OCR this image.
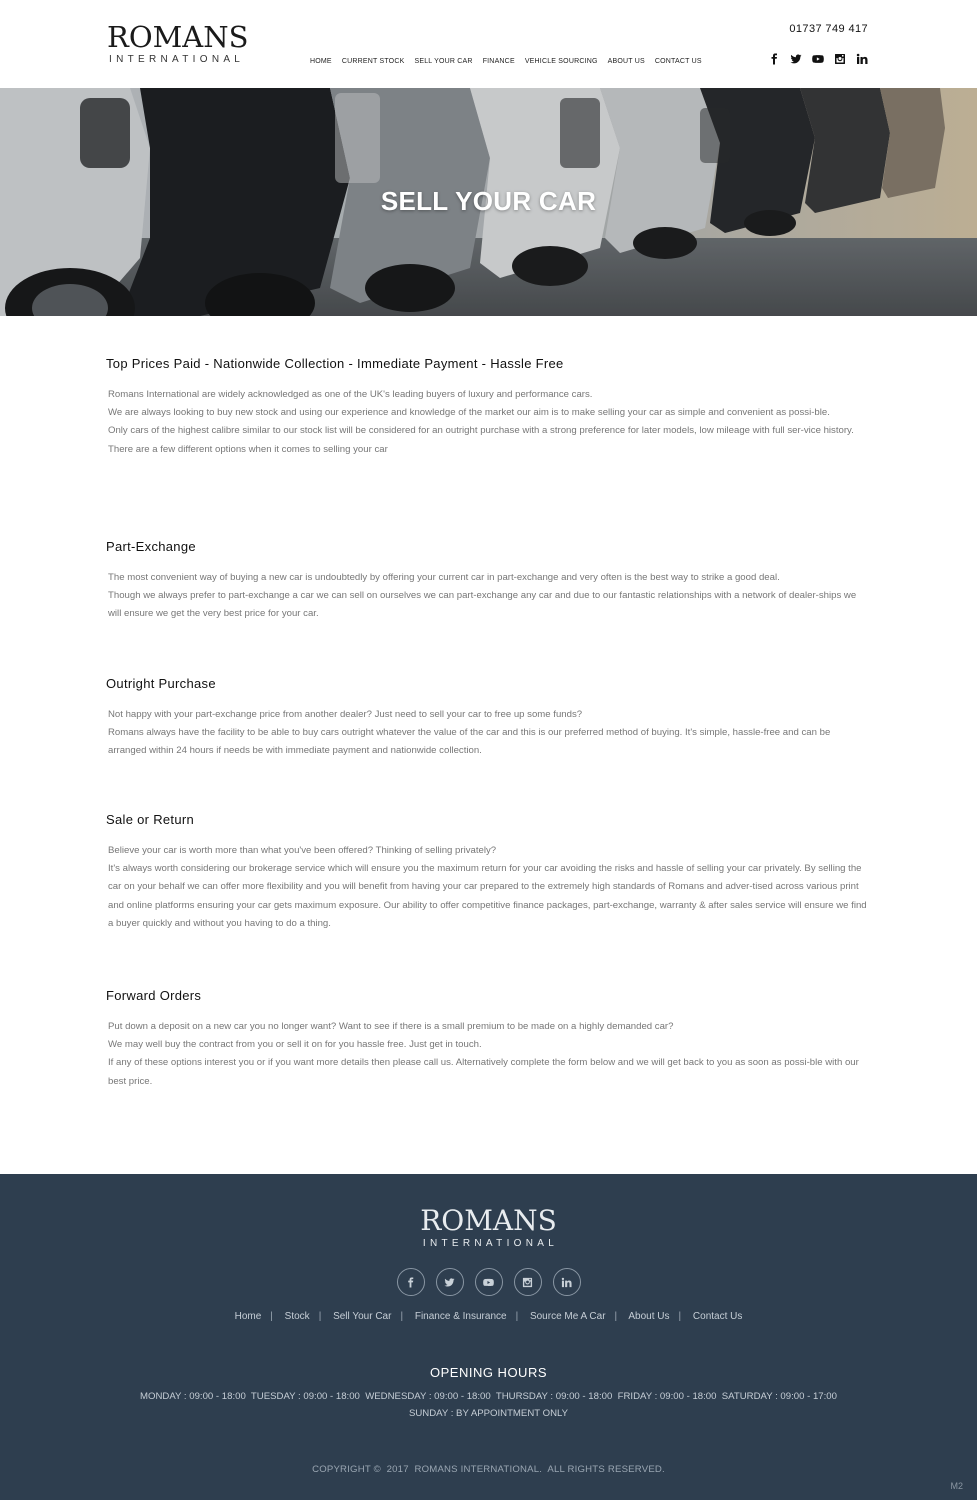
ROMANS
INTERNATIONAL	HOME CURRENT STOCK SELL YOUR CAR FINANCE VEHICLE SOURCING ABOUT US CONTACT US
01737 749 417
SELL YOUR CAR
Top Prices Paid - Nationwide Collection - Immediate Payment - Hassle Free

Romans International are widely acknowledged as one of the UK's leading buyers of luxury and performance cars.

We are always looking to buy new stock and using our experience and knowledge of the market our aim is to make selling your car as simple and convenient as possi-ble.

Only cars of the highest calibre similar to our stock list will be considered for an outright purchase with a strong preference for later models, low mileage with full ser-vice history.

There are a few different options when it comes to selling your car

Part-Exchange

The most convenient way of buying a new car is undoubtedly by offering your current car in part-exchange and very often is the best way to strike a good deal.

Though we always prefer to part-exchange a car we can sell on ourselves we can part-exchange any car and due to our fantastic relationships with a network of dealer-ships we will ensure we get the very best price for your car.

Outright Purchase

Not happy with your part-exchange price from another dealer? Just need to sell your car to free up some funds?

Romans always have the facility to be able to buy cars outright whatever the value of the car and this is our preferred method of buying. It's simple, hassle-free and can be arranged within 24 hours if needs be with immediate payment and nationwide collection.

Sale or Return

Believe your car is worth more than what you've been offered? Thinking of selling privately?

It's always worth considering our brokerage service which will ensure you the maximum return for your car avoiding the risks and hassle of selling your car privately. By selling the car on your behalf we can offer more flexibility and you will benefit from having your car prepared to the extremely high standards of Romans and adver-tised across various print and online platforms ensuring your car gets maximum exposure. Our ability to offer competitive finance packages, part-exchange, warranty & after sales service will ensure we find a buyer quickly and without you having to do a thing.

Forward Orders

Put down a deposit on a new car you no longer want? Want to see if there is a small premium to be made on a highly demanded car?

We may well buy the contract from you or sell it on for you hassle free. Just get in touch.

If any of these options interest you or if you want more details then please call us. Alternatively complete the form below and we will get back to you as soon as possi-ble with our best price.

ROMANS
INTERNATIONAL
Home | Stock | Sell Your Car | Finance & Insurance | Source Me A Car | About Us | Contact Us
OPENING HOURS
MONDAY : 09:00 - 18:00  TUESDAY : 09:00 - 18:00  WEDNESDAY : 09:00 - 18:00  THURSDAY : 09:00 - 18:00  FRIDAY : 09:00 - 18:00  SATURDAY : 09:00 - 17:00
SUNDAY : BY APPOINTMENT ONLY
COPYRIGHT ©  2017  ROMANS INTERNATIONAL.  ALL RIGHTS RESERVED.
M2
